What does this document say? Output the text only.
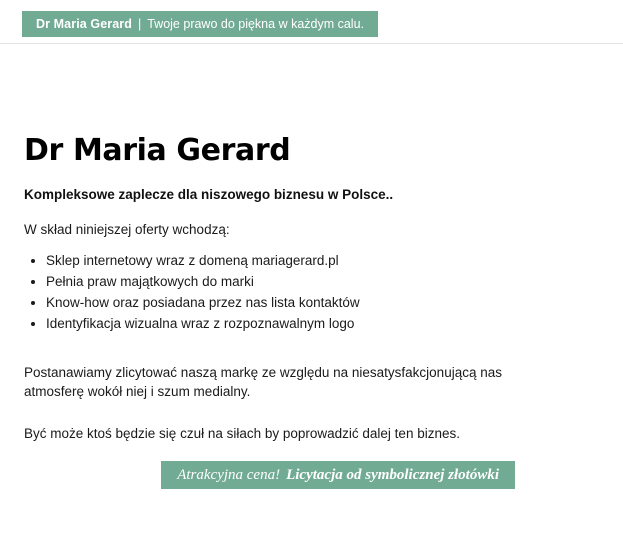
Dr Maria Gerard | Twoje prawo do piękna w każdym calu.
Dr Maria Gerard

Kompleksowe zaplecze dla niszowego biznesu w Polsce..

W skład niniejszej oferty wchodzą:

• Sklep internetowy wraz z domeną mariagerard.pl
• Pełnia praw majątkowych do marki
• Know-how oraz posiadana przez nas lista kontaktów
• Identyfikacja wizualna wraz z rozpoznawalnym logo

Postanawiamy zlicytować naszą markę ze względu na niesatysfakcjonującą nas atmosferę wokół niej i szum medialny.

Być może ktoś będzie się czuł na siłach by poprowadzić dalej ten biznes.

Atrakcyjna cena! Licytacja od symbolicznej złotówki
